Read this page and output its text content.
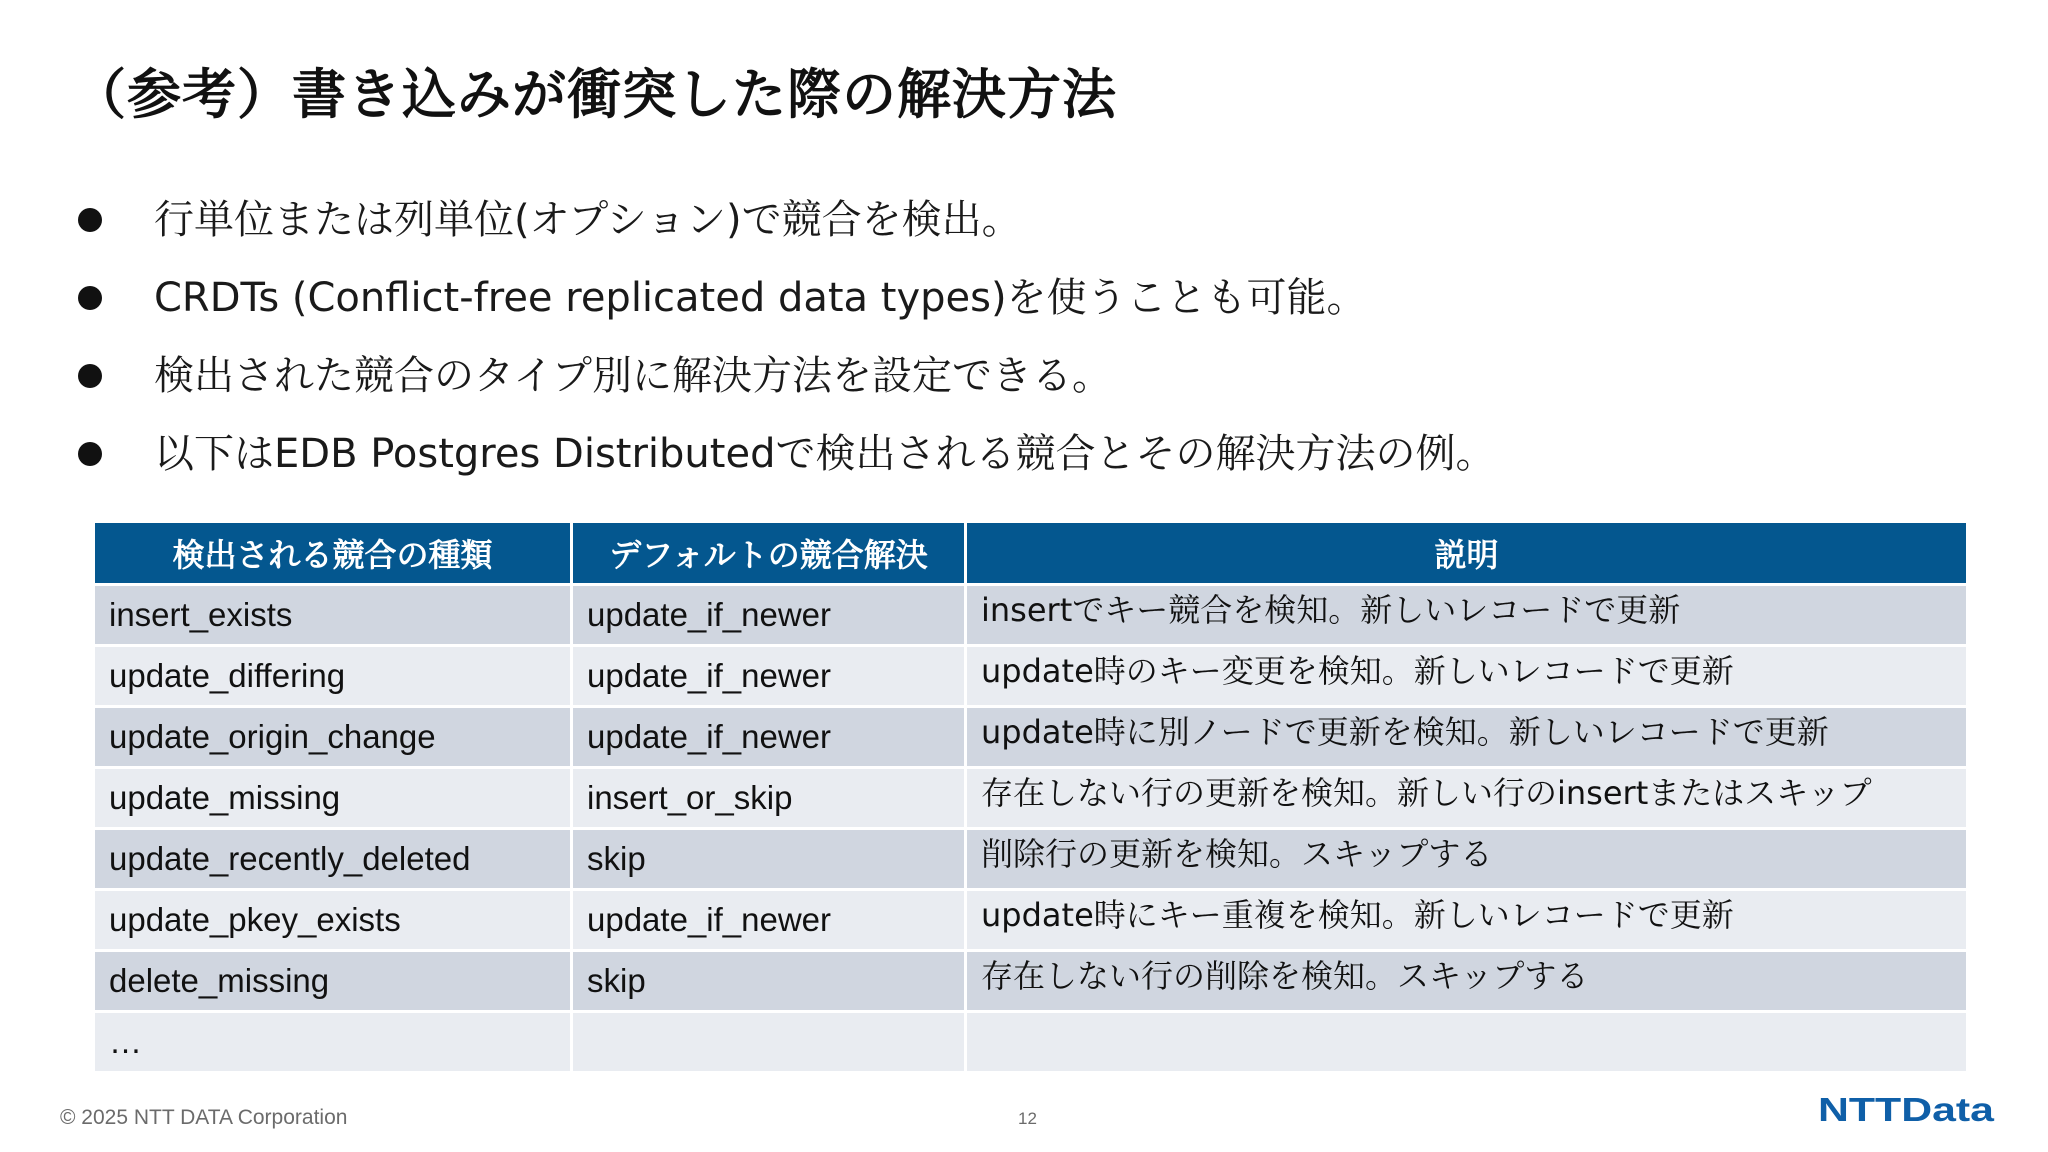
（参考）書き込みが衝突した際の解決方法
行単位または列単位(オプション)で競合を検出。
CRDTs (Conflict-free replicated data types)を使うことも可能。
検出された競合のタイプ別に解決方法を設定できる。
以下はEDB Postgres Distributedで検出される競合とその解決方法の例。
検出される競合の種類	デフォルトの競合解決	説明
insert_exists	update_if_newer	insertでキー競合を検知。新しいレコードで更新
update_differing	update_if_newer	update時のキー変更を検知。新しいレコードで更新
update_origin_change	update_if_newer	update時に別ノードで更新を検知。新しいレコードで更新
update_missing	insert_or_skip	存在しない行の更新を検知。新しい行のinsertまたはスキップ
update_recently_deleted	skip	削除行の更新を検知。スキップする
update_pkey_exists	update_if_newer	update時にキー重複を検知。新しいレコードで更新
delete_missing	skip	存在しない行の削除を検知。スキップする
…		
© 2025 NTT DATA Corporation	12	NTTData
